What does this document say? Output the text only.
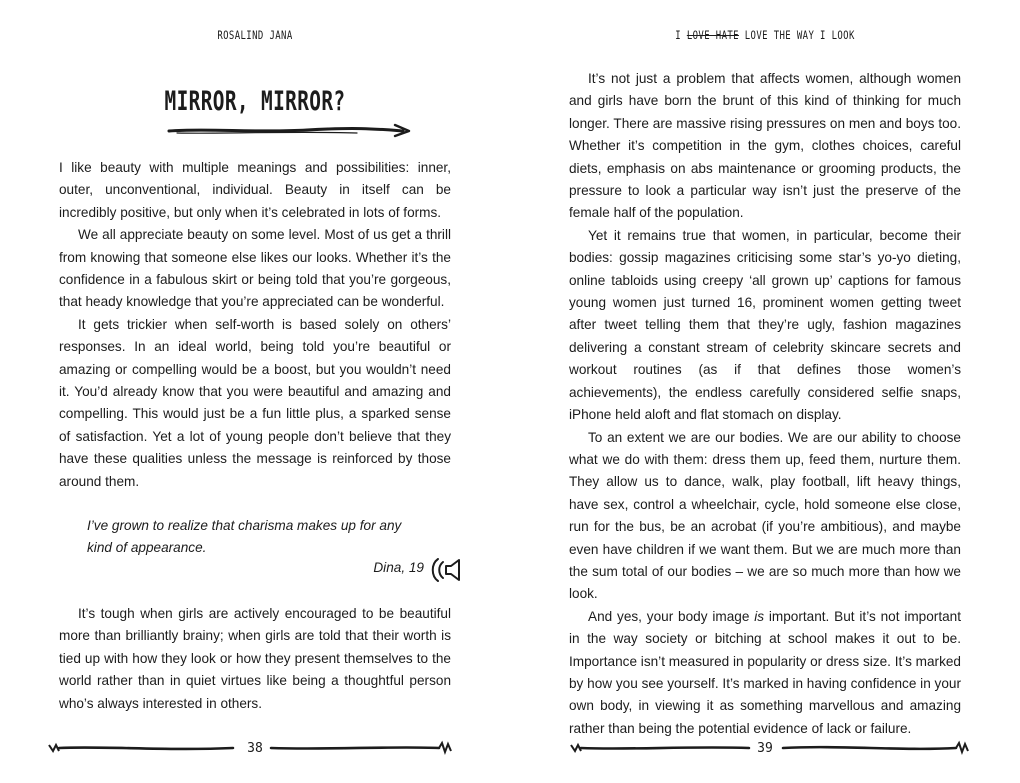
ROSALIND JANA
MIRROR, MIRROR?

I like beauty with multiple meanings and possibilities: inner, outer, unconventional, individual. Beauty in itself can be incredibly positive, but only when it’s celebrated in lots of forms.

We all appreciate beauty on some level. Most of us get a thrill from knowing that someone else likes our looks. Whether it’s the confidence in a fabulous skirt or being told that you’re gorgeous, that heady knowledge that you’re appreciated can be wonderful.

It gets trickier when self-worth is based solely on others’ responses. In an ideal world, being told you’re beautiful or amazing or compelling would be a boost, but you wouldn’t need it. You’d already know that you were beautiful and amazing and compelling. This would just be a fun little plus, a sparked sense of satisfaction. Yet a lot of young people don’t believe that they have these qualities unless the message is reinforced by those around them.

I’ve grown to realize that charisma makes up for any kind of appearance.
Dina, 19

It’s tough when girls are actively encouraged to be beautiful more than brilliantly brainy; when girls are told that their worth is tied up with how they look or how they present themselves to the world rather than in quiet virtues like being a thoughtful person who’s always interested in others.

38
I LOVE HATE LOVE THE WAY I LOOK

It’s not just a problem that affects women, although women and girls have born the brunt of this kind of thinking for much longer. There are massive rising pressures on men and boys too. Whether it’s competition in the gym, clothes choices, careful diets, emphasis on abs maintenance or grooming products, the pressure to look a particular way isn’t just the preserve of the female half of the population.

Yet it remains true that women, in particular, become their bodies: gossip magazines criticising some star’s yo-yo dieting, online tabloids using creepy ‘all grown up’ captions for famous young women just turned 16, prominent women getting tweet after tweet telling them that they’re ugly, fashion magazines delivering a constant stream of celebrity skincare secrets and workout routines (as if that defines those women’s achievements), the endless carefully considered selfie snaps, iPhone held aloft and flat stomach on display.

To an extent we are our bodies. We are our ability to choose what we do with them: dress them up, feed them, nurture them. They allow us to dance, walk, play football, lift heavy things, have sex, control a wheelchair, cycle, hold someone else close, run for the bus, be an acrobat (if you’re ambitious), and maybe even have children if we want them. But we are much more than the sum total of our bodies – we are so much more than how we look.

And yes, your body image is important. But it’s not important in the way society or bitching at school makes it out to be. Importance isn’t measured in popularity or dress size. It’s marked by how you see yourself. It’s marked in having confidence in your own body, in viewing it as something marvellous and amazing rather than being the potential evidence of lack or failure.

39
